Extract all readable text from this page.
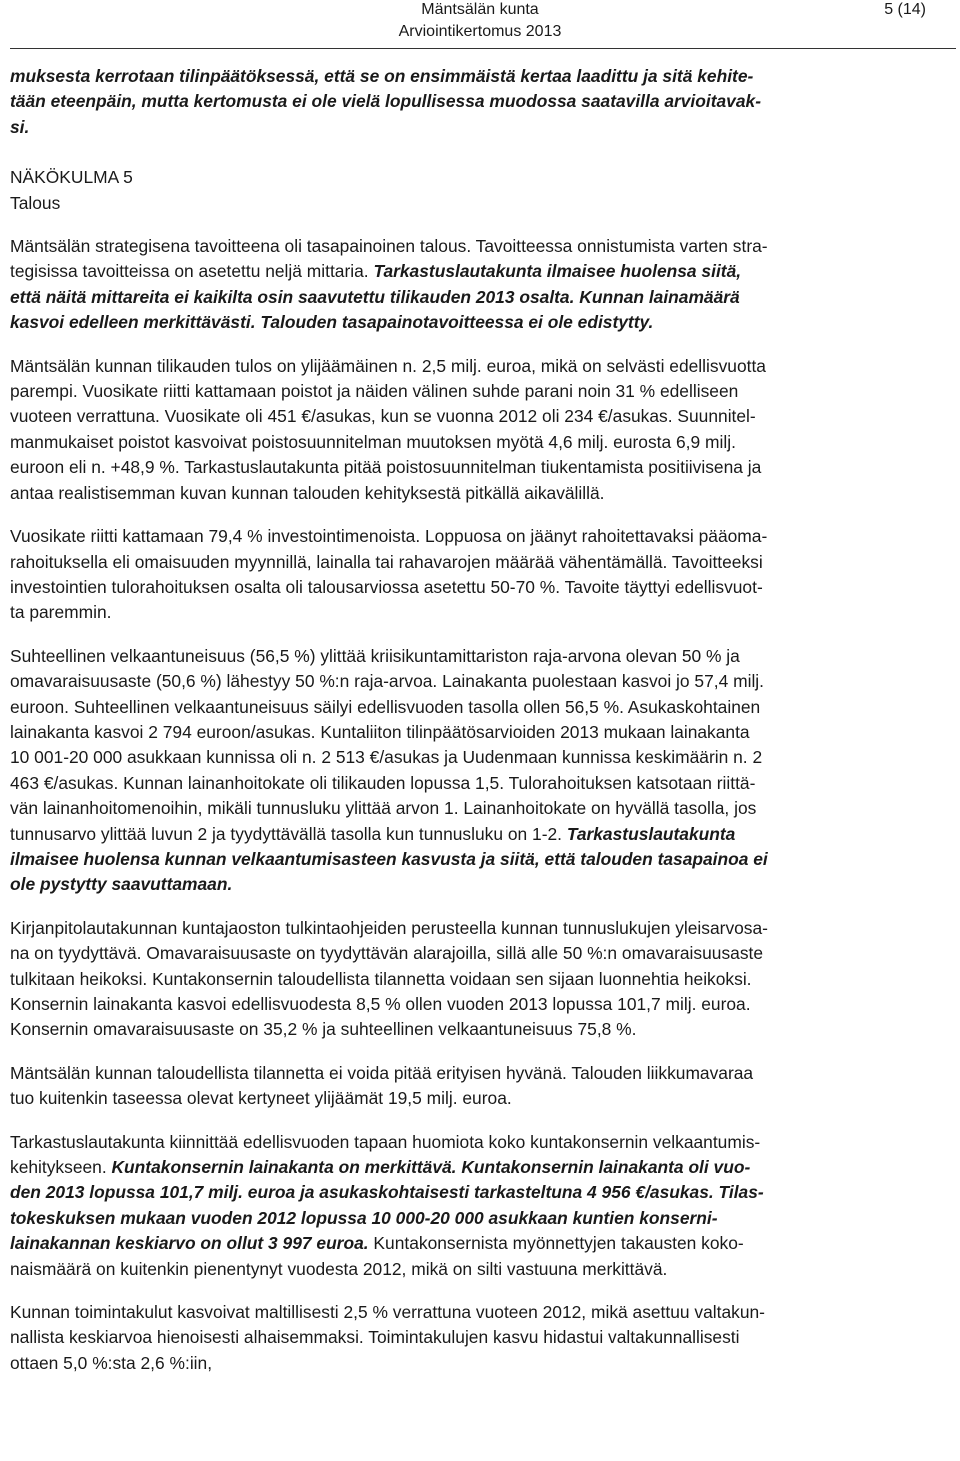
Mäntsälän kunta
Arviointikertomus 2013
5 (14)

muksesta kerrotaan tilinpäätöksessä, että se on ensimmäistä kertaa laadittu ja sitä kehite-
tään eteenpäin, mutta kertomusta ei ole vielä lopullisessa muodossa saatavilla arvioitavak-
si.

NÄKÖKULMA 5

Talous

Mäntsälän strategisena tavoitteena oli tasapainoinen talous. Tavoitteessa onnistumista varten stra-
tegisissa tavoitteissa on asetettu neljä mittaria. Tarkastuslautakunta ilmaisee huolensa siitä,
että näitä mittareita ei kaikilta osin saavutettu tilikauden 2013 osalta. Kunnan lainamäärä
kasvoi edelleen merkittävästi. Talouden tasapainotavoitteessa ei ole edistytty.

Mäntsälän kunnan tilikauden tulos on ylijäämäinen n. 2,5 milj. euroa, mikä on selvästi edellisvuotta
parempi. Vuosikate riitti kattamaan poistot ja näiden välinen suhde parani noin 31 % edelliseen
vuoteen verrattuna. Vuosikate oli 451 €/asukas, kun se vuonna 2012 oli 234 €/asukas. Suunnitel-
manmukaiset poistot kasvoivat poistosuunnitelman muutoksen myötä 4,6 milj. eurosta 6,9 milj.
euroon eli n. +48,9 %. Tarkastuslautakunta pitää poistosuunnitelman tiukentamista positiivisena ja
antaa realistisemman kuvan kunnan talouden kehityksestä pitkällä aikavälillä.

Vuosikate riitti kattamaan 79,4 % investointimenoista. Loppuosa on jäänyt rahoitettavaksi pääoma-
rahoituksella eli omaisuuden myynnillä, lainalla tai rahavarojen määrää vähentämällä. Tavoitteeksi
investointien tulorahoituksen osalta oli talousarviossa asetettu 50-70 %. Tavoite täyttyi edellisvuot-
ta paremmin.

Suhteellinen velkaantuneisuus (56,5 %) ylittää kriisikuntamittariston raja-arvona olevan 50 % ja
omavaraisuusaste (50,6 %) lähestyy 50 %:n raja-arvoa. Lainakanta puolestaan kasvoi jo 57,4 milj.
euroon. Suhteellinen velkaantuneisuus säilyi edellisvuoden tasolla ollen 56,5 %. Asukaskohtainen
lainakanta kasvoi 2 794 euroon/asukas. Kuntaliiton tilinpäätösarvioiden 2013 mukaan lainakanta
10 001-20 000 asukkaan kunnissa oli n. 2 513 €/asukas ja Uudenmaan kunnissa keskimäärin n. 2
463 €/asukas. Kunnan lainanhoitokate oli tilikauden lopussa 1,5. Tulorahoituksen katsotaan riittä-
vän lainanhoitomenoihin, mikäli tunnusluku ylittää arvon 1. Lainanhoitokate on hyvällä tasolla, jos
tunnusarvo ylittää luvun 2 ja tyydyttävällä tasolla kun tunnusluku on 1-2. Tarkastuslautakunta
ilmaisee huolensa kunnan velkaantumisasteen kasvusta ja siitä, että talouden tasapainoa ei
ole pystytty saavuttamaan.

Kirjanpitolautakunnan kuntajaoston tulkintaohjeiden perusteella kunnan tunnuslukujen yleisarvosa-
na on tyydyttävä. Omavaraisuusaste on tyydyttävän alarajoilla, sillä alle 50 %:n omavaraisuusaste
tulkitaan heikoksi. Kuntakonsernin taloudellista tilannetta voidaan sen sijaan luonnehtia heikoksi.
Konsernin lainakanta kasvoi edellisvuodesta 8,5 % ollen vuoden 2013 lopussa 101,7 milj. euroa.
Konsernin omavaraisuusaste on 35,2 % ja suhteellinen velkaantuneisuus 75,8 %.

Mäntsälän kunnan taloudellista tilannetta ei voida pitää erityisen hyvänä. Talouden liikkumavaraa
tuo kuitenkin taseessa olevat kertyneet ylijäämät 19,5 milj. euroa.

Tarkastuslautakunta kiinnittää edellisvuoden tapaan huomiota koko kuntakonsernin velkaantumis-
kehitykseen. Kuntakonsernin lainakanta on merkittävä. Kuntakonsernin lainakanta oli vuo-
den 2013 lopussa 101,7 milj. euroa ja asukaskohtaisesti tarkasteltuna 4 956 €/asukas. Tilas-
tokeskuksen mukaan vuoden 2012 lopussa 10 000-20 000 asukkaan kuntien konserni-
lainakannan keskiarvo on ollut 3 997 euroa. Kuntakonsernista myönnettyjen takausten koko-
naismäärä on kuitenkin pienentynyt vuodesta 2012, mikä on silti vastuuna merkittävä.

Kunnan toimintakulut kasvoivat maltillisesti 2,5 % verrattuna vuoteen 2012, mikä asettuu valtakun-
nallista keskiarvoa hienoisesti alhaisemmaksi. Toimintakulujen kasvu hidastui valtakunnallisesti
ottaen 5,0 %:sta 2,6 %:iin,
